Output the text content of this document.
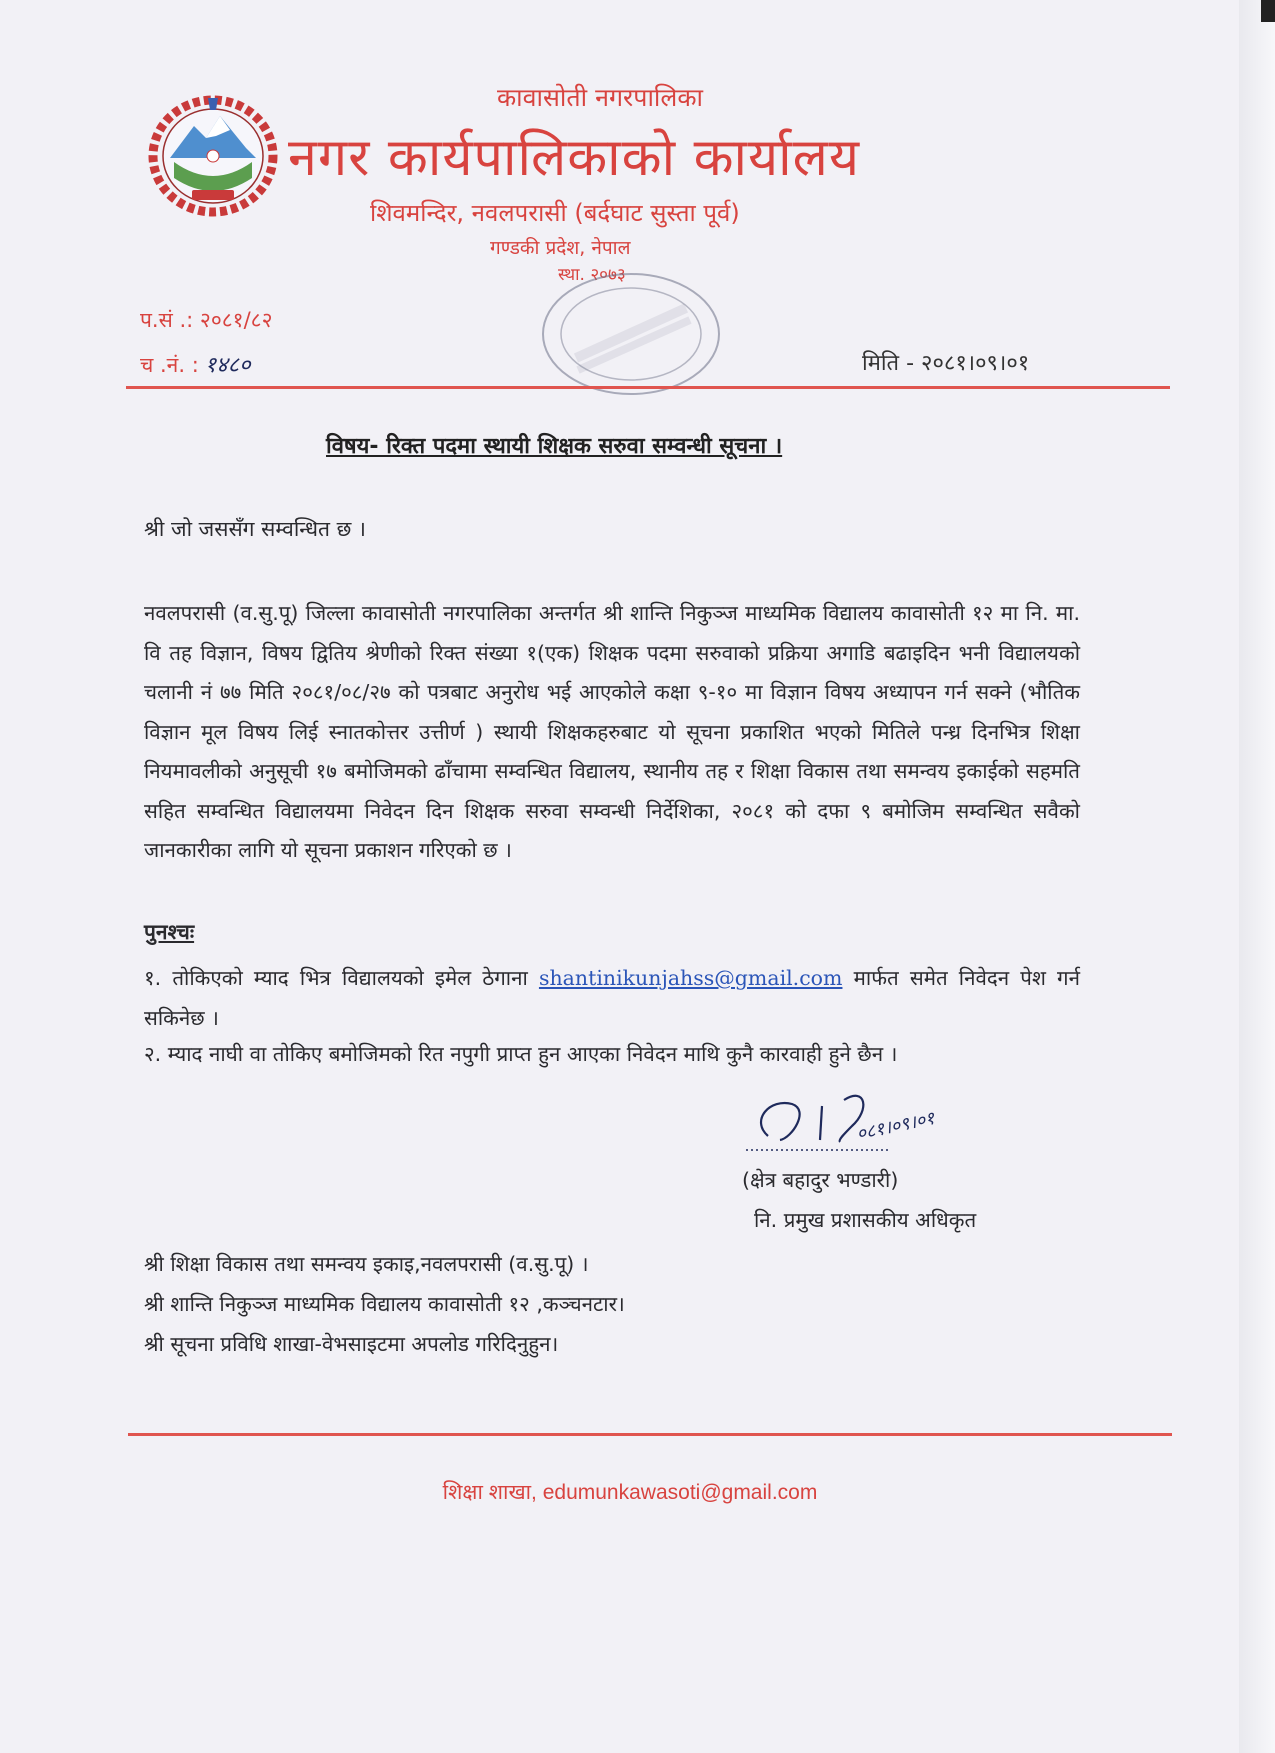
कावासोती नगरपालिका
नगर कार्यपालिकाको कार्यालय
शिवमन्दिर, नवलपरासी (बर्दघाट सुस्ता पूर्व)
गण्डकी प्रदेश, नेपाल
स्था. २०७३
प.सं .: २०८१/८२
च .नं. : १४८०	मिति - २०८१।०९।०१
विषय- रिक्त पदमा स्थायी शिक्षक सरुवा सम्वन्धी सूचना ।
श्री जो जससँग सम्वन्धित छ ।
नवलपरासी (व.सु.पू) जिल्ला कावासोती नगरपालिका अन्तर्गत श्री शान्ति निकुञ्ज माध्यमिक विद्यालय कावासोती १२ मा नि. मा. वि तह विज्ञान, विषय द्वितिय श्रेणीको रिक्त संख्या १(एक) शिक्षक पदमा सरुवाको प्रक्रिया अगाडि बढाइदिन भनी विद्यालयको चलानी नं ७७ मिति २०८१/०८/२७ को पत्रबाट अनुरोध भई आएकोले कक्षा ९-१० मा विज्ञान विषय अध्यापन गर्न सक्ने (भौतिक विज्ञान मूल विषय लिई स्नातकोत्तर उत्तीर्ण ) स्थायी शिक्षकहरुबाट यो सूचना प्रकाशित भएको मितिले पन्ध्र दिनभित्र शिक्षा नियमावलीको अनुसूची १७ बमोजिमको ढाँचामा सम्वन्धित विद्यालय, स्थानीय तह र शिक्षा विकास तथा समन्वय इकाईको सहमति सहित सम्वन्धित विद्यालयमा निवेदन दिन शिक्षक सरुवा सम्वन्धी निर्देशिका, २०८१ को दफा ९ बमोजिम सम्वन्धित सवैको जानकारीका लागि यो सूचना प्रकाशन गरिएको छ ।
पुनश्चः
१. तोकिएको म्याद भित्र विद्यालयको इमेल ठेगाना shantinikunjahss@gmail.com मार्फत समेत निवेदन पेश गर्न सकिनेछ ।
२. म्याद नाघी वा तोकिए बमोजिमको रित नपुगी प्राप्त हुन आएका निवेदन माथि कुनै कारवाही हुने छैन ।
०८१।०९।०१
(क्षेत्र बहादुर भण्डारी)
नि. प्रमुख प्रशासकीय अधिकृत
श्री शिक्षा विकास तथा समन्वय इकाइ,नवलपरासी (व.सु.पू) ।
श्री शान्ति निकुञ्ज माध्यमिक विद्यालय कावासोती १२ ,कञ्चनटार।
श्री सूचना प्रविधि शाखा-वेभसाइटमा अपलोड गरिदिनुहुन।
शिक्षा शाखा, edumunkawasoti@gmail.com
